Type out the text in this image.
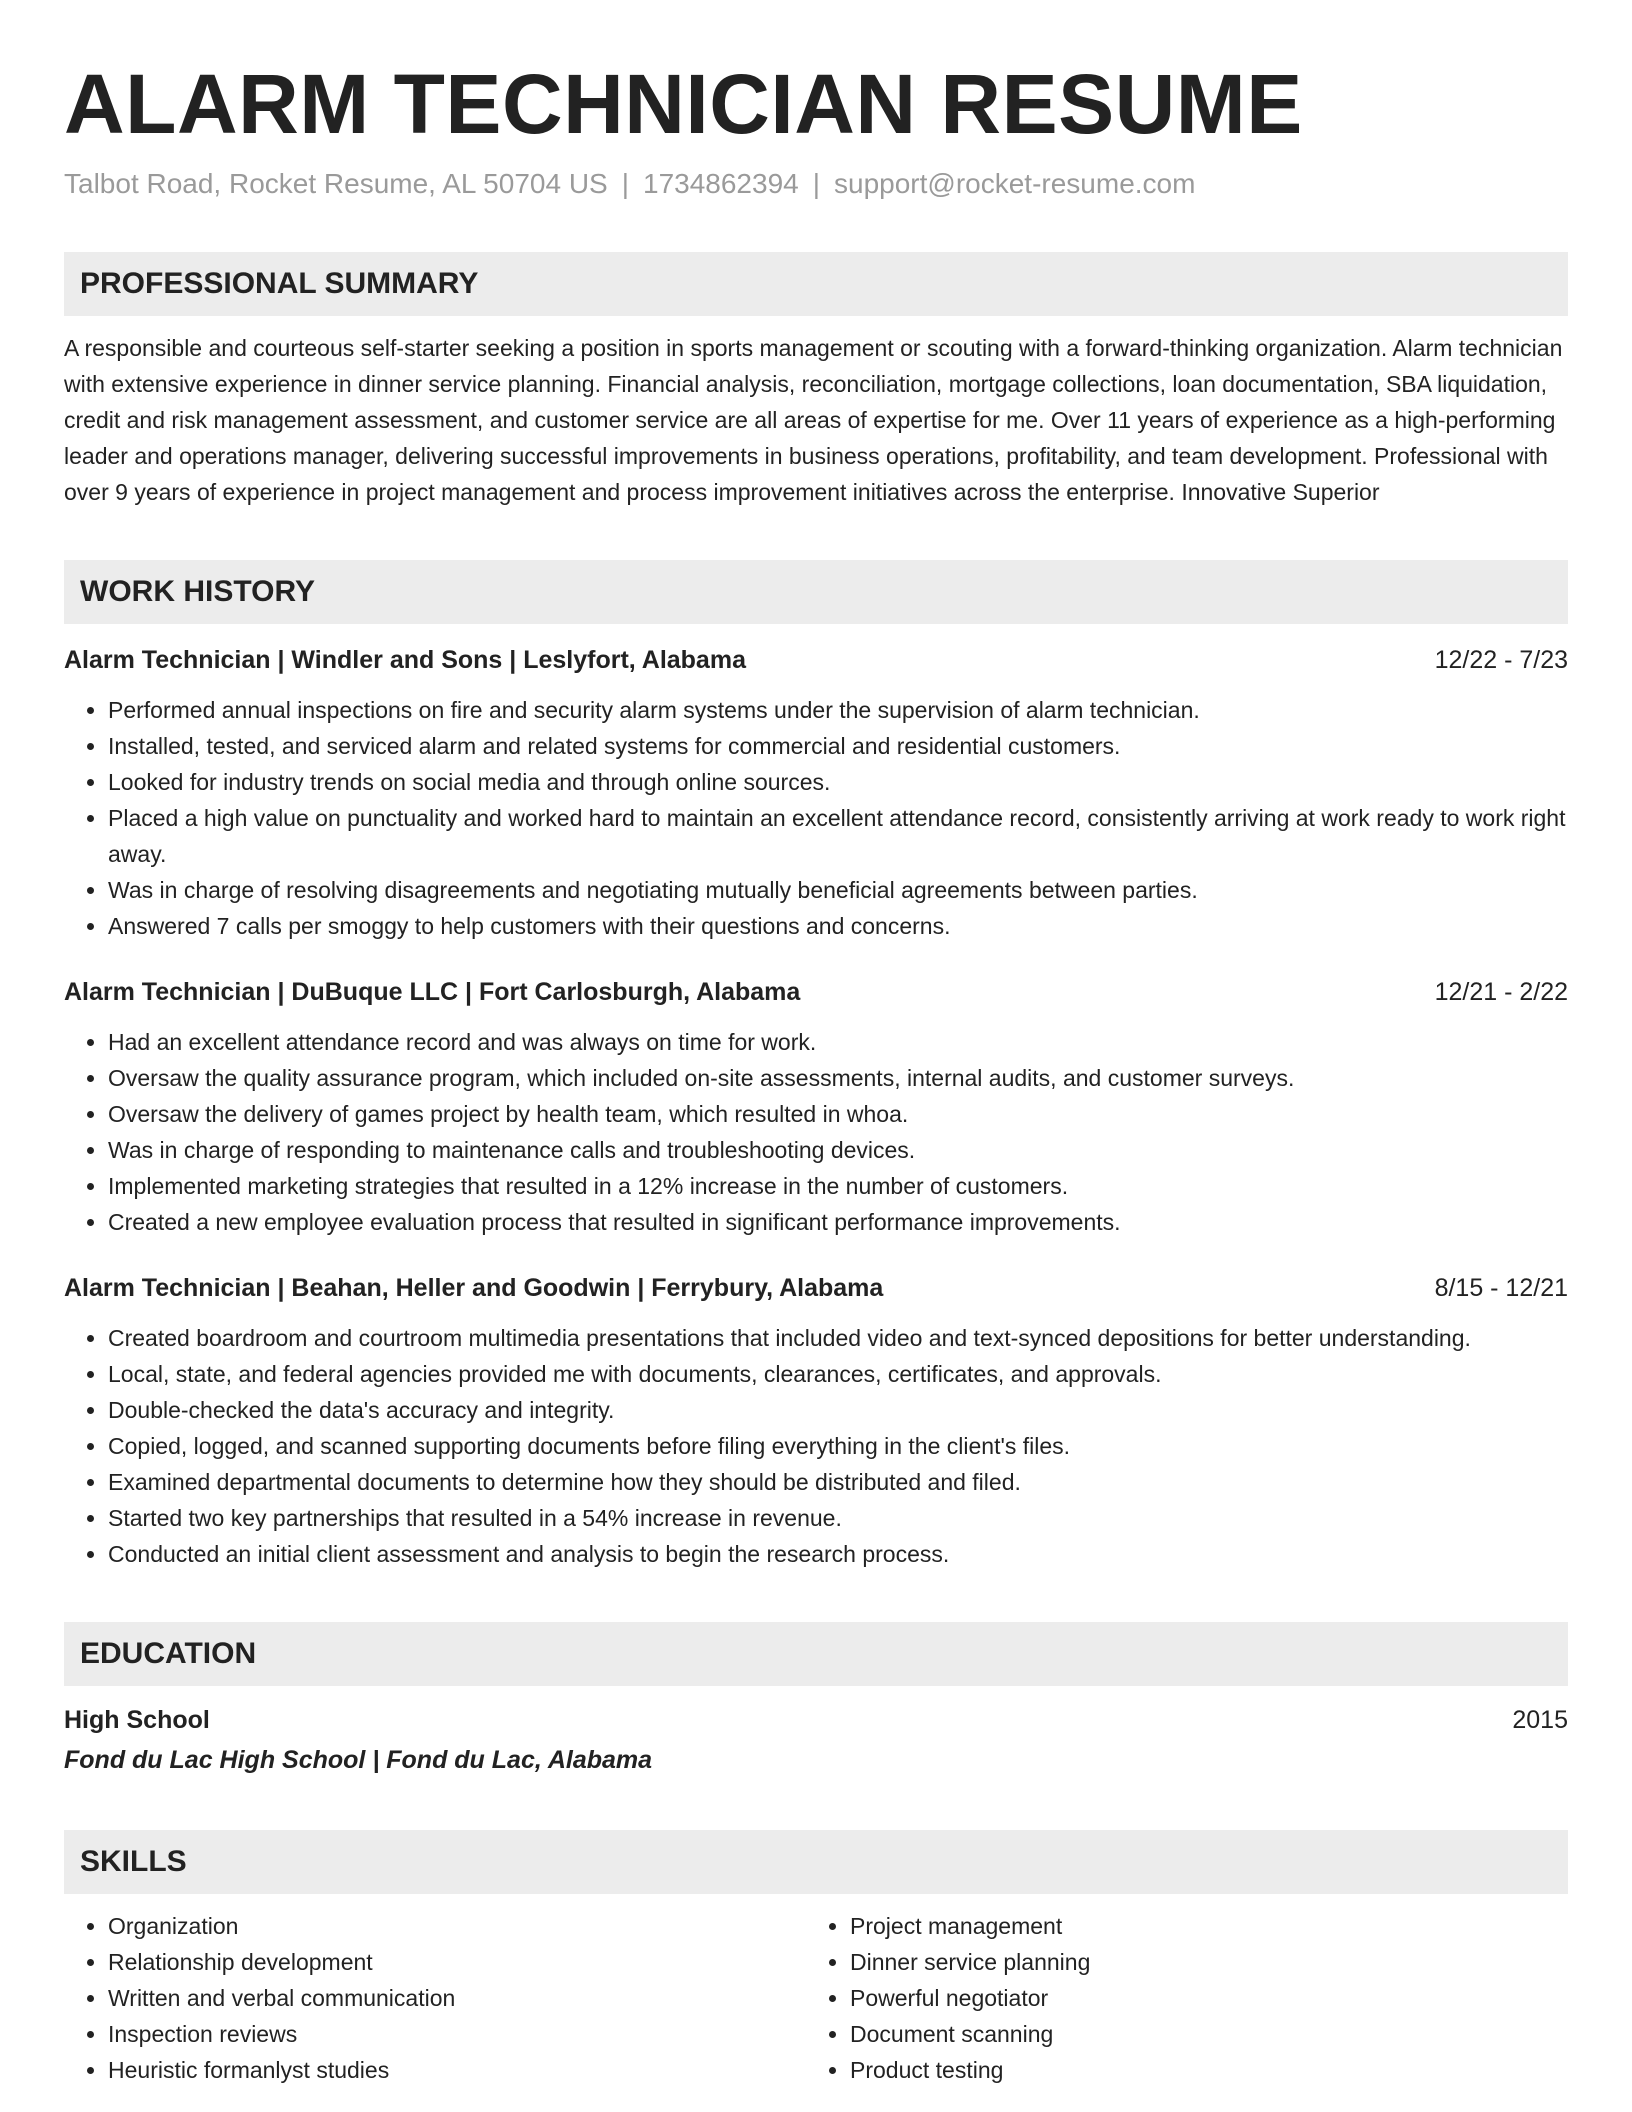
ALARM TECHNICIAN RESUME
Talbot Road, Rocket Resume, AL 50704 US | 1734862394 | support@rocket-resume.com
PROFESSIONAL SUMMARY

A responsible and courteous self-starter seeking a position in sports management or scouting with a forward-thinking organization. Alarm technician with extensive experience in dinner service planning. Financial analysis, reconciliation, mortgage collections, loan documentation, SBA liquidation, credit and risk management assessment, and customer service are all areas of expertise for me. Over 11 years of experience as a high-performing leader and operations manager, delivering successful improvements in business operations, profitability, and team development. Professional with over 9 years of experience in project management and process improvement initiatives across the enterprise. Innovative Superior

WORK HISTORY
Alarm Technician | Windler and Sons | Leslyfort, Alabama	12/22 - 7/23
• Performed annual inspections on fire and security alarm systems under the supervision of alarm technician.
• Installed, tested, and serviced alarm and related systems for commercial and residential customers.
• Looked for industry trends on social media and through online sources.
• Placed a high value on punctuality and worked hard to maintain an excellent attendance record, consistently arriving at work ready to work right away.
• Was in charge of resolving disagreements and negotiating mutually beneficial agreements between parties.
• Answered 7 calls per smoggy to help customers with their questions and concerns.
Alarm Technician | DuBuque LLC | Fort Carlosburgh, Alabama	12/21 - 2/22
• Had an excellent attendance record and was always on time for work.
• Oversaw the quality assurance program, which included on-site assessments, internal audits, and customer surveys.
• Oversaw the delivery of games project by health team, which resulted in whoa.
• Was in charge of responding to maintenance calls and troubleshooting devices.
• Implemented marketing strategies that resulted in a 12% increase in the number of customers.
• Created a new employee evaluation process that resulted in significant performance improvements.
Alarm Technician | Beahan, Heller and Goodwin | Ferrybury, Alabama	8/15 - 12/21
• Created boardroom and courtroom multimedia presentations that included video and text-synced depositions for better understanding.
• Local, state, and federal agencies provided me with documents, clearances, certificates, and approvals.
• Double-checked the data's accuracy and integrity.
• Copied, logged, and scanned supporting documents before filing everything in the client's files.
• Examined departmental documents to determine how they should be distributed and filed.
• Started two key partnerships that resulted in a 54% increase in revenue.
• Conducted an initial client assessment and analysis to begin the research process.
EDUCATION
High School	2015
Fond du Lac High School | Fond du Lac, Alabama
SKILLS
• Organization
• Relationship development
• Written and verbal communication
• Inspection reviews
• Heuristic formanlyst studies
• Project management
• Dinner service planning
• Powerful negotiator
• Document scanning
• Product testing
